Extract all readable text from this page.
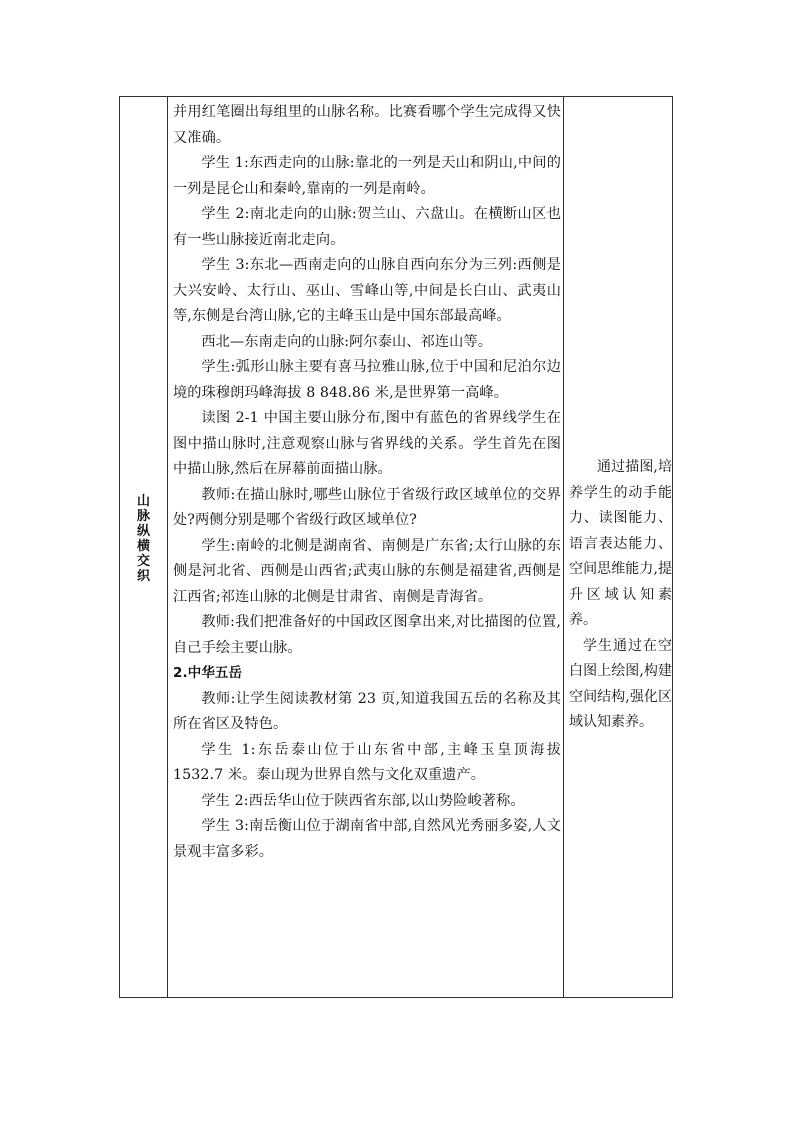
山脉纵横交织

并用红笔圈出每组里的山脉名称。比赛看哪个学生完成得又快又准确。

学生 1:东西走向的山脉:靠北的一列是天山和阴山,中间的一列是昆仑山和秦岭,靠南的一列是南岭。

学生 2:南北走向的山脉:贺兰山、六盘山。在横断山区也有一些山脉接近南北走向。

学生 3:东北—西南走向的山脉自西向东分为三列:西侧是大兴安岭、太行山、巫山、雪峰山等,中间是长白山、武夷山等,东侧是台湾山脉,它的主峰玉山是中国东部最高峰。

西北—东南走向的山脉:阿尔泰山、祁连山等。

学生:弧形山脉主要有喜马拉雅山脉,位于中国和尼泊尔边境的珠穆朗玛峰海拔 8 848.86 米,是世界第一高峰。

读图 2-1 中国主要山脉分布,图中有蓝色的省界线学生在图中描山脉时,注意观察山脉与省界线的关系。学生首先在图中描山脉,然后在屏幕前面描山脉。

教师:在描山脉时,哪些山脉位于省级行政区域单位的交界处?两侧分别是哪个省级行政区域单位?

学生:南岭的北侧是湖南省、南侧是广东省;太行山脉的东侧是河北省、西侧是山西省;武夷山脉的东侧是福建省,西侧是江西省;祁连山脉的北侧是甘肃省、南侧是青海省。

教师:我们把准备好的中国政区图拿出来,对比描图的位置,自己手绘主要山脉。

2.中华五岳

教师:让学生阅读教材第 23 页,知道我国五岳的名称及其所在省区及特色。

学生 1:东岳泰山位于山东省中部,主峰玉皇顶海拔 1532.7 米。泰山现为世界自然与文化双重遗产。

学生 2:西岳华山位于陕西省东部,以山势险峻著称。

学生 3:南岳衡山位于湖南省中部,自然风光秀丽多姿,人文景观丰富多彩。

通过描图,培养学生的动手能力、读图能力、语言表达能力、空间思维能力,提升区域认知素养。

学生通过在空白图上绘图,构建空间结构,强化区域认知素养。
